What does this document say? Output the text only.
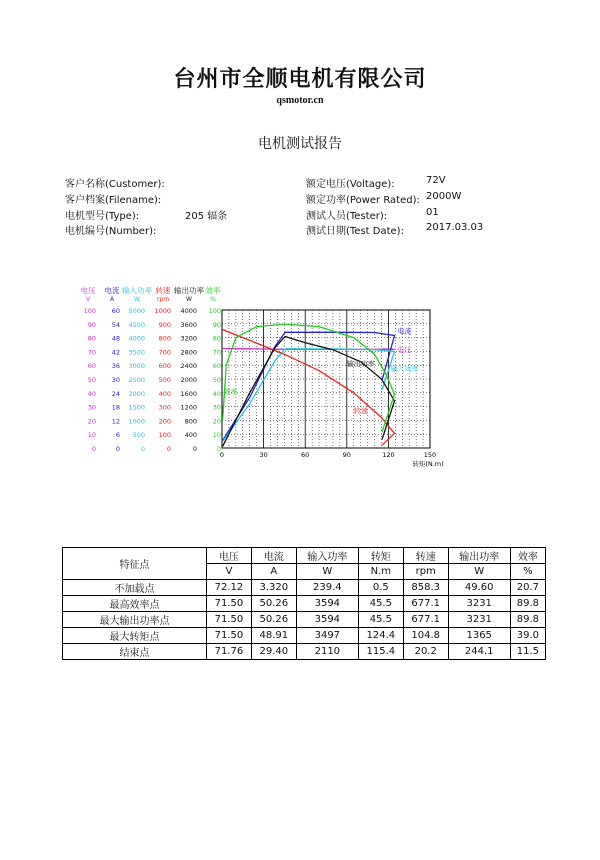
台州市全顺电机有限公司
qsmotor.cn
电机测试报告
客户名称(Customer):
客户档案(Filename):
电机型号(Type):	205 辐条
电机编号(Number):
额定电压(Voltage):	72V
额定功率(Power Rated): 2000W
测试人员(Tester):	01
测试日期(Test Date): 2017.03.03
电压
V
100
90
80
70
60
50
40
30
20
10
0
电流
A
60
54
48
42
36
30
24
18
12
6
0
输入功率
W
5000
4500
4000
3500
3000
2500
2000
1500
1000
500
0
转速
rpm
1000
900
800
700
600
500
400
300
200
100
0
输出功率
W
4000
3600
3200
2800
2400
2000
1600
1200
800
400
0
效率
%
100
90
80
70
60
50
40
30
20
10
0
0	30	60	90	120	150
转矩(N.m)
电流
电压
输出功率
输入功率
转速
效率
特征点	电压	电流	输入功率	转矩	转速	输出功率	效率
	V	A	W	N.m	rpm	W	%
不加载点	72.12	3.320	239.4	0.5	858.3	49.60	20.7
最高效率点	71.50	50.26	3594	45.5	677.1	3231	89.8
最大输出功率点	71.50	50.26	3594	45.5	677.1	3231	89.8
最大转矩点	71.50	48.91	3497	124.4	104.8	1365	39.0
结束点	71.76	29.40	2110	115.4	20.2	244.1	11.5
